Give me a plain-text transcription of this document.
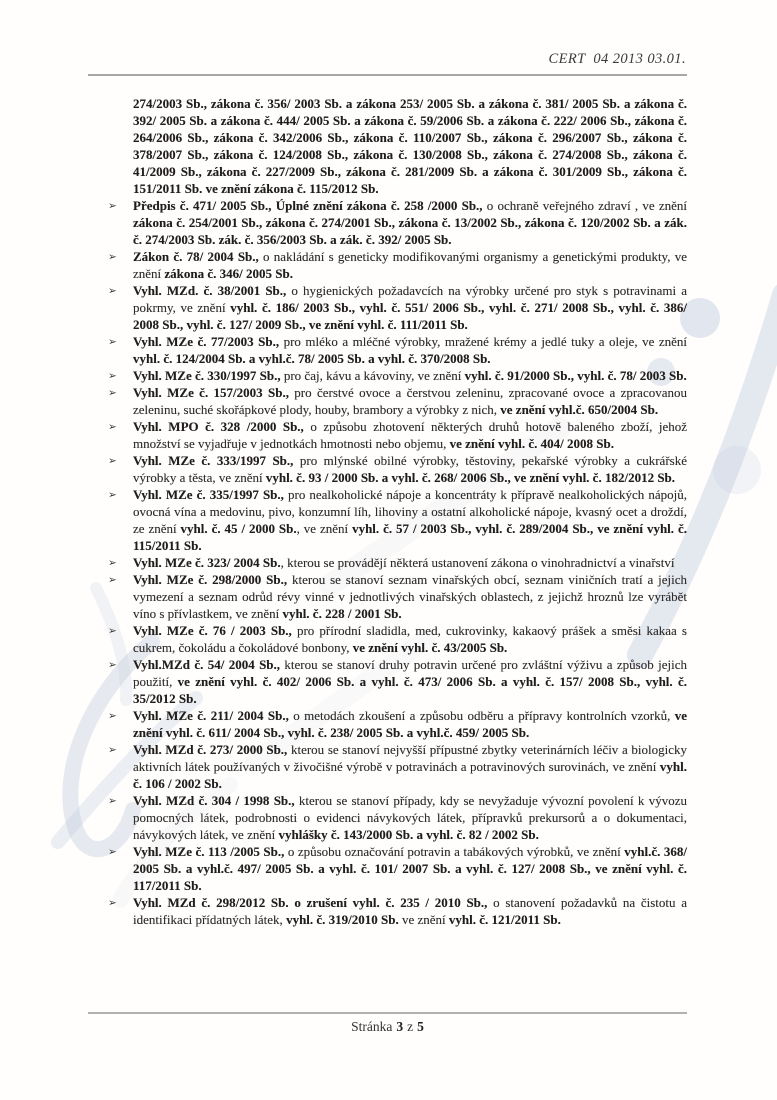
CERT  04 2013 03.01.

274/2003 Sb., zákona č. 356/ 2003 Sb. a zákona 253/ 2005 Sb. a zákona č. 381/ 2005 Sb. a zákona č. 392/ 2005 Sb. a zákona č. 444/ 2005 Sb. a zákona č. 59/2006 Sb. a zákona č. 222/ 2006 Sb., zákona č. 264/2006 Sb., zákona č. 342/2006 Sb., zákona č. 110/2007 Sb., zákona č. 296/2007 Sb., zákona č. 378/2007 Sb., zákona č. 124/2008 Sb., zákona č. 130/2008 Sb., zákona č. 274/2008 Sb., zákona č. 41/2009 Sb., zákona č. 227/2009 Sb., zákona č. 281/2009 Sb. a zákona č. 301/2009 Sb., zákona č. 151/2011 Sb. ve znění zákona č. 115/2012 Sb.

➢ Předpis č. 471/ 2005 Sb., Úplné znění zákona č. 258 /2000 Sb., o ochraně veřejného zdraví , ve znění zákona č. 254/2001 Sb., zákona č. 274/2001 Sb., zákona č. 13/2002 Sb., zákona č. 120/2002 Sb. a zák. č. 274/2003 Sb. zák. č. 356/2003 Sb. a zák. č. 392/ 2005 Sb.
➢ Zákon č. 78/ 2004 Sb., o nakládání s geneticky modifikovanými organismy a genetickými produkty, ve znění zákona č. 346/ 2005 Sb.
➢ Vyhl. MZd. č. 38/2001 Sb., o hygienických požadavcích na výrobky určené pro styk s potravinami a pokrmy, ve znění vyhl. č. 186/ 2003 Sb., vyhl. č. 551/ 2006 Sb., vyhl. č. 271/ 2008 Sb., vyhl. č. 386/ 2008 Sb., vyhl. č. 127/ 2009 Sb., ve znění vyhl. č. 111/2011 Sb.
➢ Vyhl. MZe č. 77/2003 Sb., pro mléko a mléčné výrobky, mražené krémy a jedlé tuky a oleje, ve znění vyhl. č. 124/2004 Sb. a vyhl.č. 78/ 2005 Sb. a vyhl. č. 370/2008 Sb.
➢ Vyhl. MZe č. 330/1997 Sb., pro čaj, kávu a kávoviny, ve znění vyhl. č. 91/2000 Sb., vyhl. č. 78/ 2003 Sb.
➢ Vyhl. MZe č. 157/2003 Sb., pro čerstvé ovoce a čerstvou zeleninu, zpracované ovoce a zpracovanou zeleninu, suché skořápkové plody, houby, brambory a výrobky z nich, ve znění vyhl.č. 650/2004 Sb.
➢ Vyhl. MPO č. 328 /2000 Sb., o způsobu zhotovení některých druhů hotově baleného zboží, jehož množství se vyjadřuje v jednotkách hmotnosti nebo objemu, ve znění vyhl. č. 404/ 2008 Sb.
➢ Vyhl. MZe č. 333/1997 Sb., pro mlýnské obilné výrobky, těstoviny, pekařské výrobky a cukrářské výrobky a těsta, ve znění vyhl. č. 93 / 2000 Sb. a vyhl. č. 268/ 2006 Sb., ve znění vyhl. č. 182/2012 Sb.
➢ Vyhl. MZe č. 335/1997 Sb., pro nealkoholické nápoje a koncentráty k přípravě nealkoholických nápojů, ovocná vína a medovinu, pivo, konzumní líh, lihoviny a ostatní alkoholické nápoje, kvasný ocet a droždí, ze znění vyhl. č. 45 / 2000 Sb., ve znění vyhl. č. 57 / 2003 Sb., vyhl. č. 289/2004 Sb., ve znění vyhl. č. 115/2011 Sb.
➢ Vyhl. MZe č. 323/ 2004 Sb., kterou se provádějí některá ustanovení zákona o vinohradnictví a vinařství
➢ Vyhl. MZe č. 298/2000 Sb., kterou se stanoví seznam vinařských obcí, seznam viničních tratí a jejich vymezení a seznam odrůd révy vinné v jednotlivých vinařských oblastech, z jejichž hroznů lze vyrábět víno s přívlastkem, ve znění vyhl. č. 228 / 2001 Sb.
➢ Vyhl. MZe č. 76 / 2003 Sb., pro přírodní sladidla, med, cukrovinky, kakaový prášek a směsi kakaa s cukrem, čokoládu a čokoládové bonbony, ve znění vyhl. č. 43/2005 Sb.
➢ Vyhl.MZd č. 54/ 2004 Sb., kterou se stanoví druhy potravin určené pro zvláštní výživu a způsob jejich použití, ve znění vyhl. č. 402/ 2006 Sb. a vyhl. č. 473/ 2006 Sb. a vyhl. č. 157/ 2008 Sb., vyhl. č. 35/2012 Sb.
➢ Vyhl. MZe č. 211/ 2004 Sb., o metodách zkoušení a způsobu odběru a přípravy kontrolních vzorků, ve znění vyhl. č. 611/ 2004 Sb., vyhl. č. 238/ 2005 Sb. a vyhl.č. 459/ 2005 Sb.
➢ Vyhl. MZd č. 273/ 2000 Sb., kterou se stanoví nejvyšší přípustné zbytky veterinárních léčiv a biologicky aktivních látek používaných v živočišné výrobě v potravinách a potravinových surovinách, ve znění vyhl. č. 106 / 2002 Sb.
➢ Vyhl. MZd č. 304 / 1998 Sb., kterou se stanoví případy, kdy se nevyžaduje vývozní povolení k vývozu pomocných látek, podrobnosti o evidenci návykových látek, přípravků prekursorů a o dokumentaci, návykových látek, ve znění vyhlášky č. 143/2000 Sb. a vyhl. č. 82 / 2002 Sb.
➢ Vyhl. MZe č. 113 /2005 Sb., o způsobu označování potravin a tabákových výrobků, ve znění vyhl.č. 368/ 2005 Sb. a vyhl.č. 497/ 2005 Sb. a vyhl. č. 101/ 2007 Sb. a vyhl. č. 127/ 2008 Sb., ve znění vyhl. č. 117/2011 Sb.
➢ Vyhl. MZd č. 298/2012 Sb. o zrušení vyhl. č. 235 / 2010 Sb., o stanovení požadavků na čistotu a identifikaci přídatných látek, vyhl. č. 319/2010 Sb. ve znění vyhl. č. 121/2011 Sb.
Stránka 3 z 5
